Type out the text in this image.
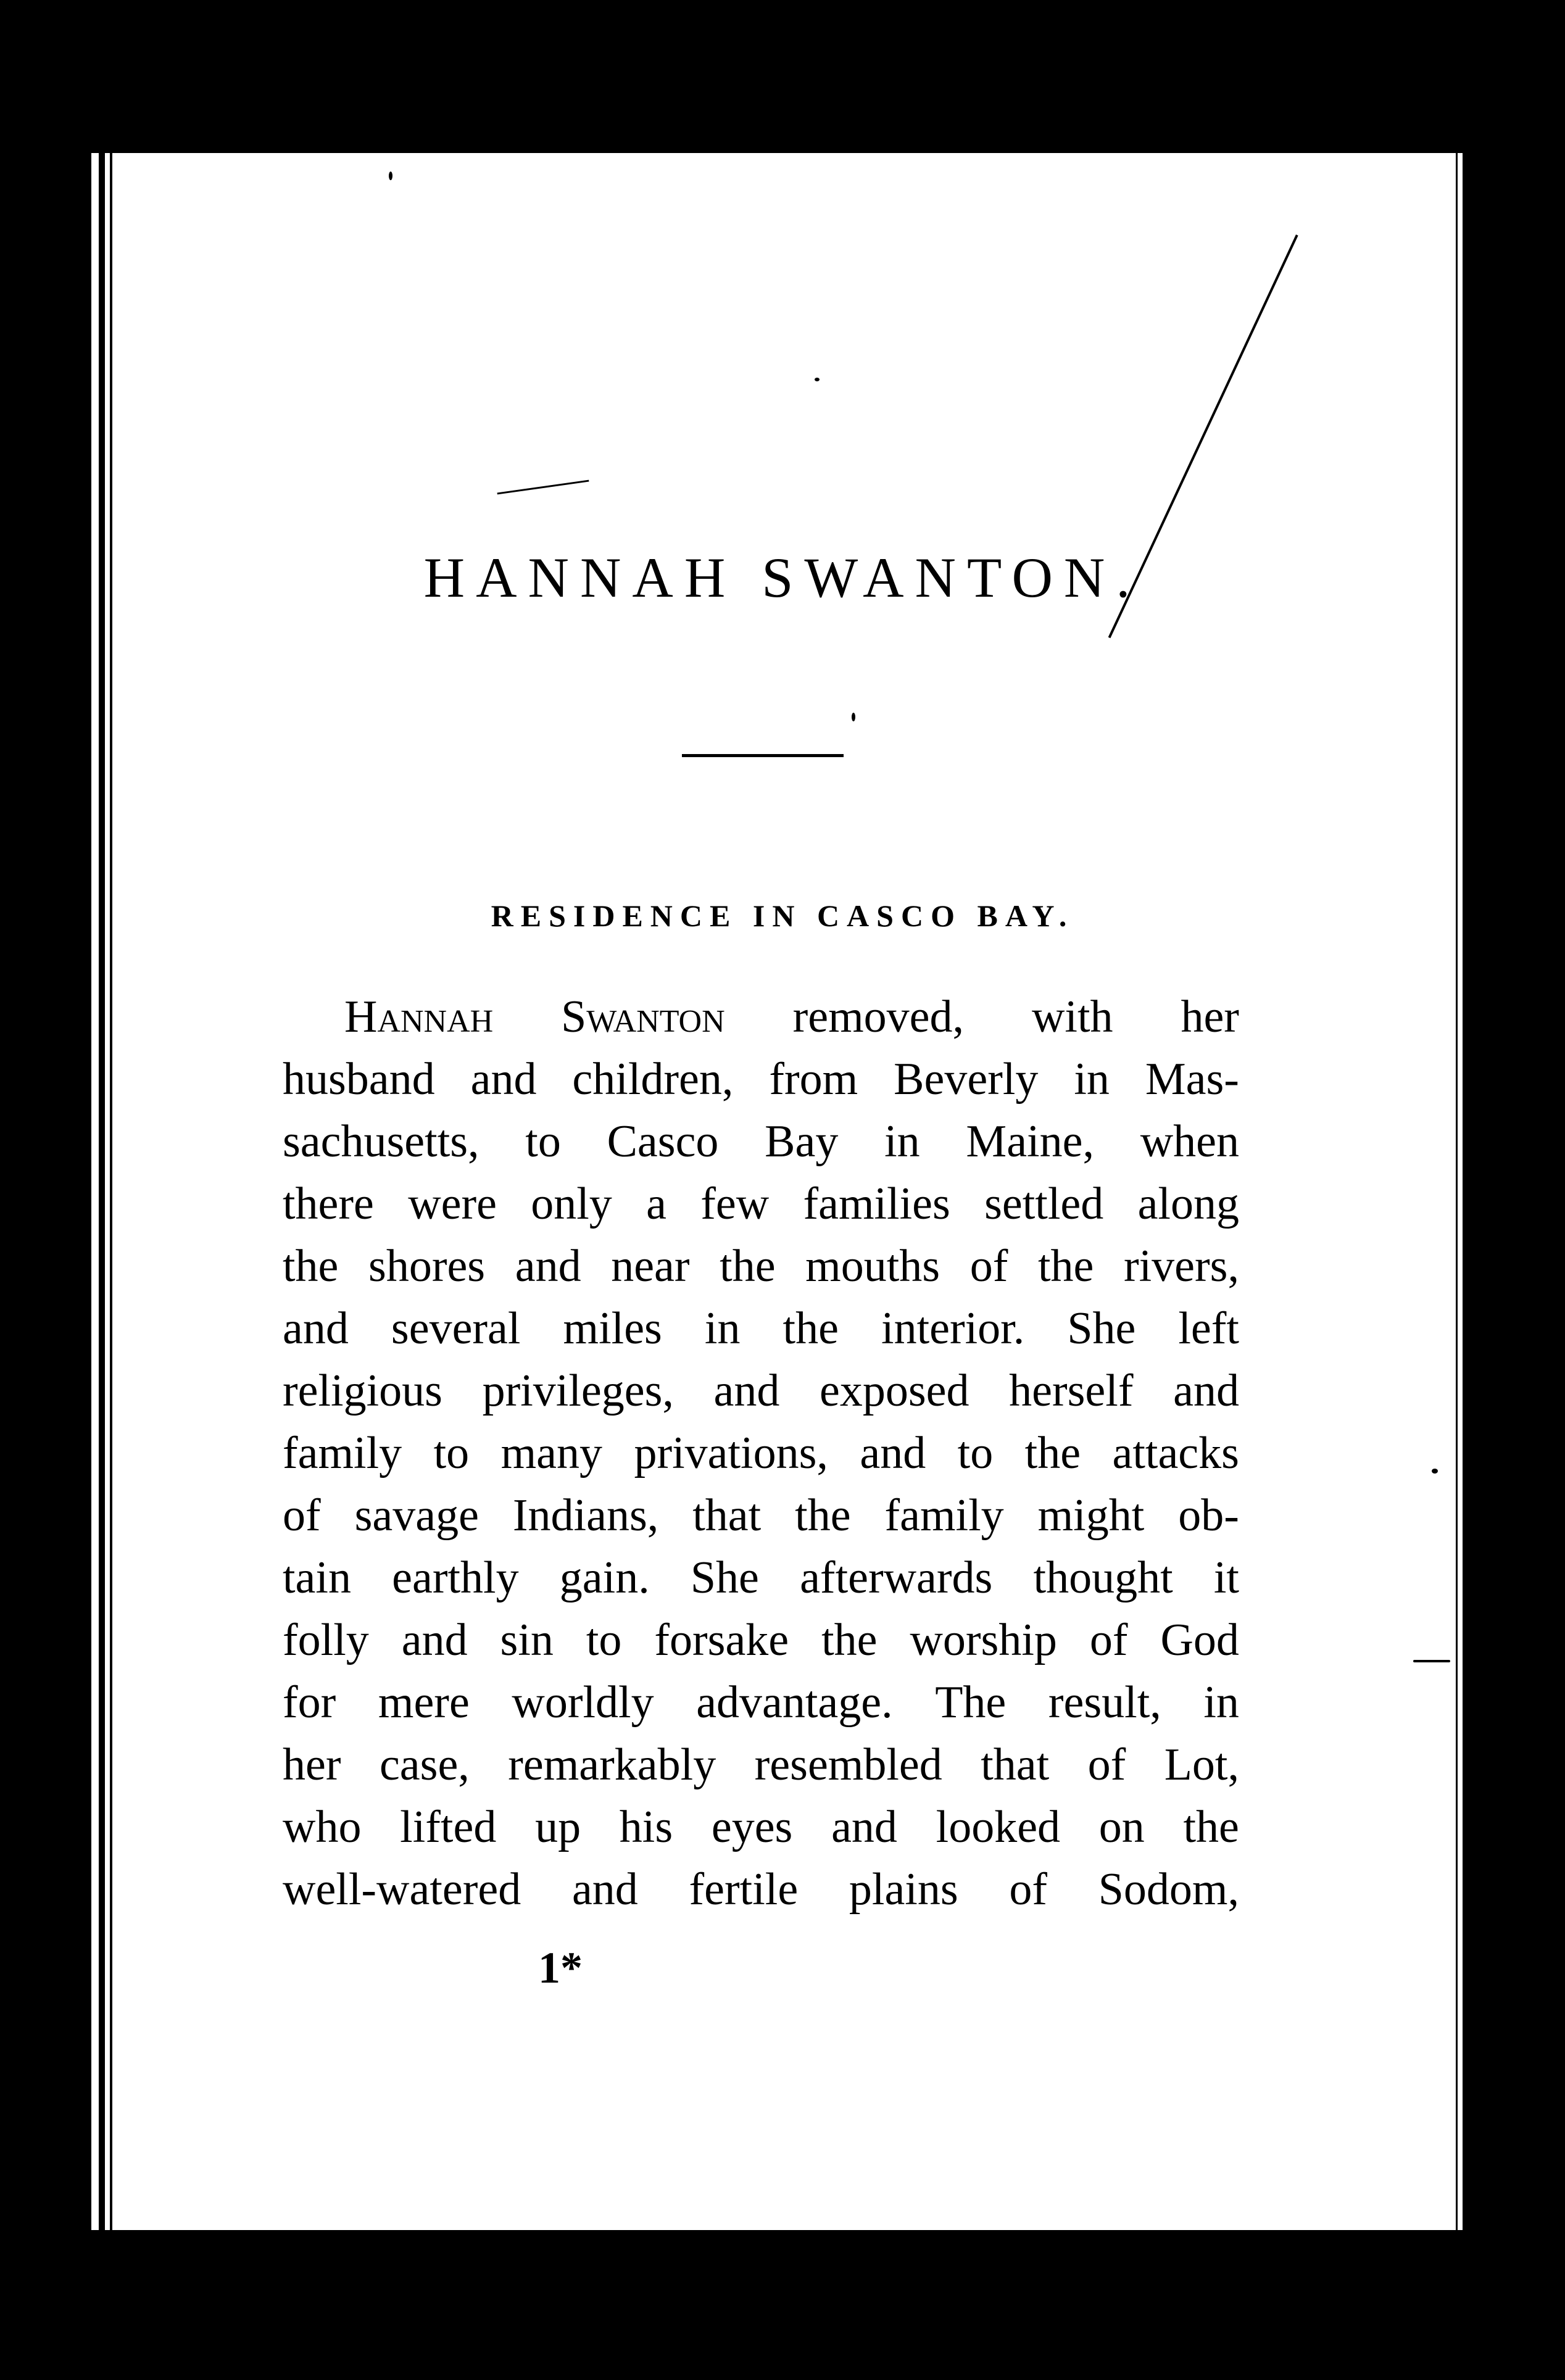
HANNAH SWANTON.
RESIDENCE IN CASCO BAY.
Hannah Swanton removed, with her
husband and children, from Beverly in Mas-
sachusetts, to Casco Bay in Maine, when
there were only a few families settled along
the shores and near the mouths of the rivers,
and several miles in the interior. She left
religious privileges, and exposed herself and
family to many privations, and to the attacks
of savage Indians, that the family might ob-
tain earthly gain. She afterwards thought it
folly and sin to forsake the worship of God
for mere worldly advantage. The result, in
her case, remarkably resembled that of Lot,
who lifted up his eyes and looked on the
well-watered and fertile plains of Sodom,
1*
